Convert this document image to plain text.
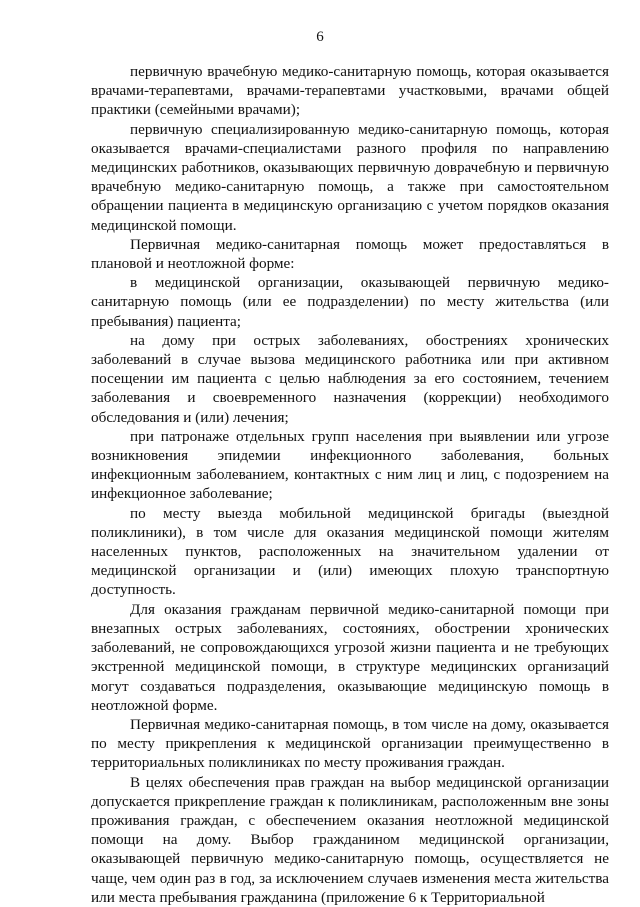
6

первичную врачебную медико-санитарную помощь, которая оказывается врачами-терапевтами, врачами-терапевтами участковыми, врачами общей практики (семейными врачами);

первичную специализированную медико-санитарную помощь, которая оказывается врачами-специалистами разного профиля по направлению медицинских работников, оказывающих первичную доврачебную и первичную врачебную медико-санитарную помощь, а также при самостоятельном обращении пациента в медицинскую организацию с учетом порядков оказания медицинской помощи.

Первичная медико-санитарная помощь может предоставляться в плановой и неотложной форме:

в медицинской организации, оказывающей первичную медико-санитарную помощь (или ее подразделении) по месту жительства (или пребывания) пациента;

на дому при острых заболеваниях, обострениях хронических заболеваний в случае вызова медицинского работника или при активном посещении им пациента с целью наблюдения за его состоянием, течением заболевания и своевременного назначения (коррекции) необходимого обследования и (или) лечения;

при патронаже отдельных групп населения при выявлении или угрозе возникновения эпидемии инфекционного заболевания, больных инфекционным заболеванием, контактных с ним лиц и лиц, с подозрением на инфекционное заболевание;

по месту выезда мобильной медицинской бригады (выездной поликлиники), в том числе для оказания медицинской помощи жителям населенных пунктов, расположенных на значительном удалении от медицинской организации и (или) имеющих плохую транспортную доступность.

Для оказания гражданам первичной медико-санитарной помощи при внезапных острых заболеваниях, состояниях, обострении хронических заболеваний, не сопровождающихся угрозой жизни пациента и не требующих экстренной медицинской помощи, в структуре медицинских организаций могут создаваться подразделения, оказывающие медицинскую помощь в неотложной форме.

Первичная медико-санитарная помощь, в том числе на дому, оказывается по месту прикрепления к медицинской организации преимущественно в территориальных поликлиниках по месту проживания граждан.

В целях обеспечения прав граждан на выбор медицинской организации допускается прикрепление граждан к поликлиникам, расположенным вне зоны проживания граждан, с обеспечением оказания неотложной медицинской помощи на дому. Выбор гражданином медицинской организации, оказывающей первичную медико-санитарную помощь, осуществляется не чаще, чем один раз в год, за исключением случаев изменения места жительства или места пребывания гражданина (приложение 6 к Территориальной
